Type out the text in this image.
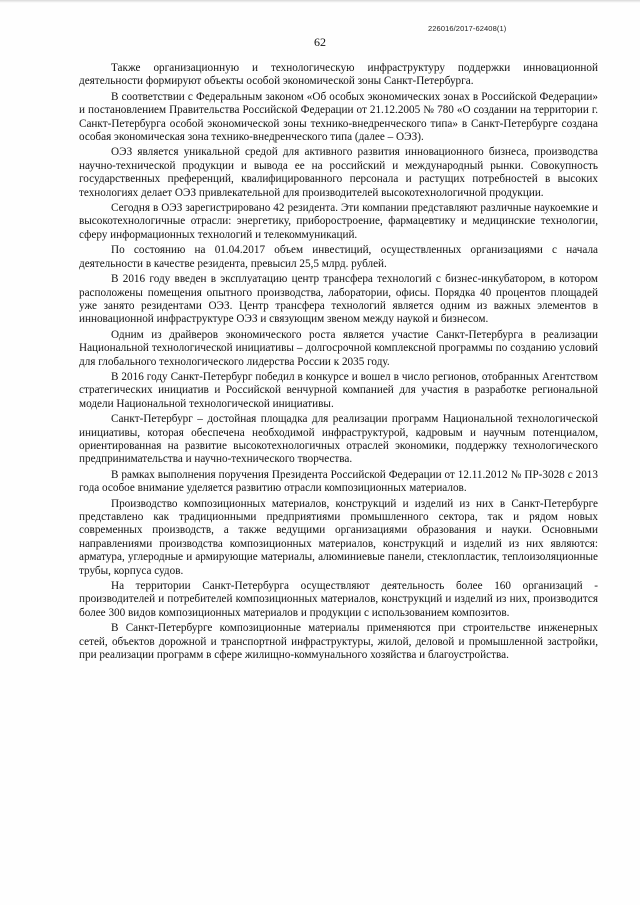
226016/2017-62408(1)
62

Также организационную и технологическую инфраструктуру поддержки инновационной деятельности формируют объекты особой экономической зоны Санкт-Петербурга.

В соответствии с Федеральным законом «Об особых экономических зонах в Российской Федерации» и постановлением Правительства Российской Федерации от 21.12.2005 № 780 «О создании на территории г. Санкт-Петербурга особой экономической зоны технико-внедренческого типа» в Санкт-Петербурге создана особая экономическая зона технико-внедренческого типа (далее – ОЭЗ).

ОЭЗ является уникальной средой для активного развития инновационного бизнеса, производства научно-технической продукции и вывода ее на российский и международный рынки. Совокупность государственных преференций, квалифицированного персонала и растущих потребностей в высоких технологиях делает ОЭЗ привлекательной для производителей высокотехнологичной продукции.

Сегодня в ОЭЗ зарегистрировано 42 резидента. Эти компании представляют различные наукоемкие и высокотехнологичные отрасли: энергетику, приборостроение, фармацевтику и медицинские технологии, сферу информационных технологий и телекоммуникаций.

По состоянию на 01.04.2017 объем инвестиций, осуществленных организациями с начала деятельности в качестве резидента, превысил 25,5 млрд. рублей.

В 2016 году введен в эксплуатацию центр трансфера технологий с бизнес-инкубатором, в котором расположены помещения опытного производства, лаборатории, офисы. Порядка 40 процентов площадей уже занято резидентами ОЭЗ. Центр трансфера технологий является одним из важных элементов в инновационной инфраструктуре ОЭЗ и связующим звеном между наукой и бизнесом.

Одним из драйверов экономического роста является участие Санкт-Петербурга в реализации Национальной технологической инициативы – долгосрочной комплексной программы по созданию условий для глобального технологического лидерства России к 2035 году.

В 2016 году Санкт-Петербург победил в конкурсе и вошел в число регионов, отобранных Агентством стратегических инициатив и Российской венчурной компанией для участия в разработке региональной модели Национальной технологической инициативы.

Санкт-Петербург – достойная площадка для реализации программ Национальной технологической инициативы, которая обеспечена необходимой инфраструктурой, кадровым и научным потенциалом, ориентированная на развитие высокотехнологичных отраслей экономики, поддержку технологического предпринимательства и научно-технического творчества.

В рамках выполнения поручения Президента Российской Федерации от 12.11.2012 № ПР-3028 с 2013 года особое внимание уделяется развитию отрасли композиционных материалов.

Производство композиционных материалов, конструкций и изделий из них в Санкт-Петербурге представлено как традиционными предприятиями промышленного сектора, так и рядом новых современных производств, а также ведущими организациями образования и науки. Основными направлениями производства композиционных материалов, конструкций и изделий из них являются: арматура, углеродные и армирующие материалы, алюминиевые панели, стеклопластик, теплоизоляционные трубы, корпуса судов.

На территории Санкт-Петербурга осуществляют деятельность более 160 организаций - производителей и потребителей композиционных материалов, конструкций и изделий из них, производится более 300 видов композиционных материалов и продукции с использованием композитов.

В Санкт-Петербурге композиционные материалы применяются при строительстве инженерных сетей, объектов дорожной и транспортной инфраструктуры, жилой, деловой и промышленной застройки, при реализации программ в сфере жилищно-коммунального хозяйства и благоустройства.
